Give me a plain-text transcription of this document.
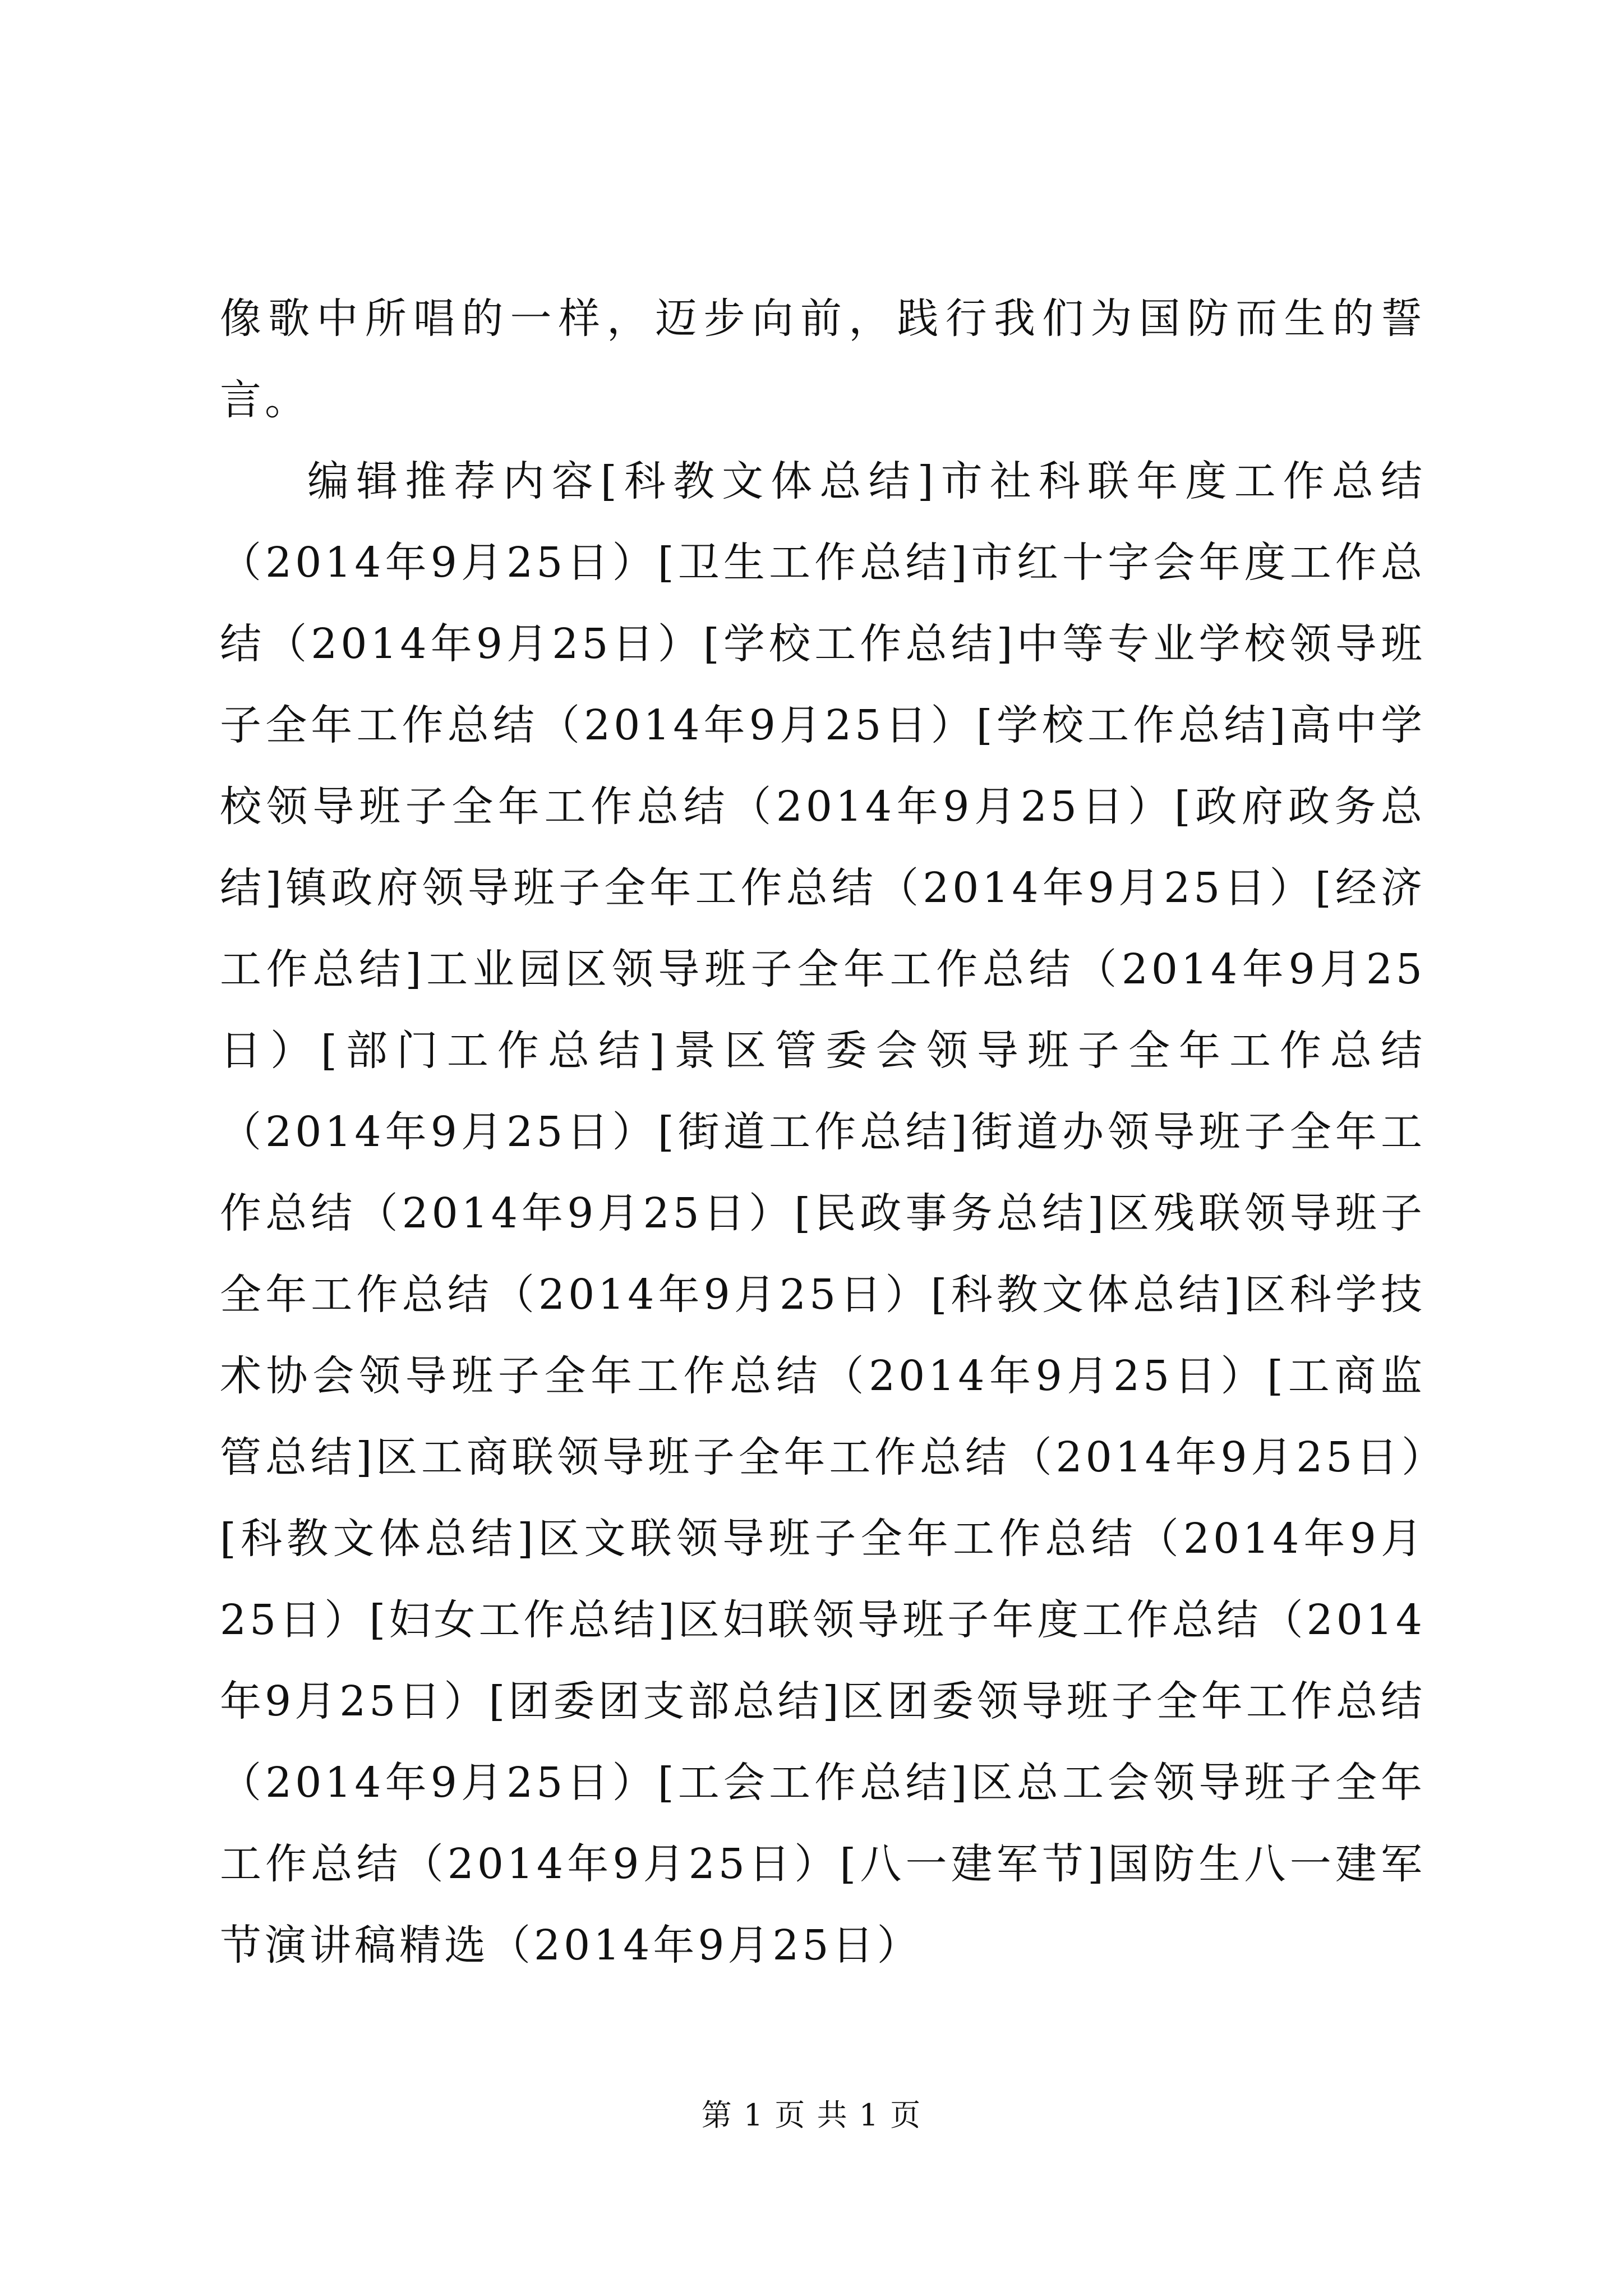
像歌中所唱的一样，迈步向前，践行我们为国防而生的誓言。

编辑推荐内容[科教文体总结]市社科联年度工作总结（2014年9月25日）[卫生工作总结]市红十字会年度工作总结（2014年9月25日）[学校工作总结]中等专业学校领导班子全年工作总结（2014年9月25日）[学校工作总结]高中学校领导班子全年工作总结（2014年9月25日）[政府政务总结]镇政府领导班子全年工作总结（2014年9月25日）[经济工作总结]工业园区领导班子全年工作总结（2014年9月25日）[部门工作总结]景区管委会领导班子全年工作总结（2014年9月25日）[街道工作总结]街道办领导班子全年工作总结（2014年9月25日）[民政事务总结]区残联领导班子全年工作总结（2014年9月25日）[科教文体总结]区科学技术协会领导班子全年工作总结（2014年9月25日）[工商监管总结]区工商联领导班子全年工作总结（2014年9月25日）[科教文体总结]区文联领导班子全年工作总结（2014年9月25日）[妇女工作总结]区妇联领导班子年度工作总结（2014年9月25日）[团委团支部总结]区团委领导班子全年工作总结（2014年9月25日）[工会工作总结]区总工会领导班子全年工作总结（2014年9月25日）[八一建军节]国防生八一建军节演讲稿精选（2014年9月25日）

第 1 页 共 1 页
